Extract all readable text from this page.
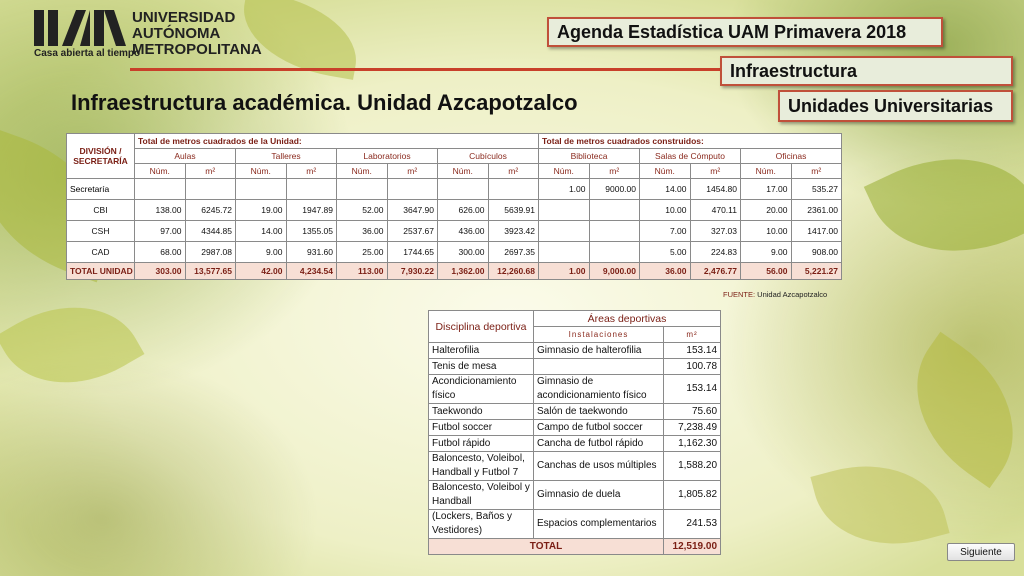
Casa abierta al tiempo
UNIVERSIDAD
AUTÓNOMA
METROPOLITANA
Agenda Estadística UAM Primavera 2018
Infraestructura
Unidades Universitarias
Infraestructura académica. Unidad Azcapotzalco
DIVISIÓN / SECRETARÍA	Total de metros cuadrados de la Unidad:								Total de metros cuadrados construidos:					
	Aulas		Talleres		Laboratorios		Cubículos		Biblioteca		Salas de Cómputo		Oficinas	
	Núm.	m²	Núm.	m²	Núm.	m²	Núm.	m²	Núm.	m²	Núm.	m²	Núm.	m²
Secretaría									1.00	9000.00	14.00	1454.80	17.00	535.27
CBI	138.00	6245.72	19.00	1947.89	52.00	3647.90	626.00	5639.91			10.00	470.11	20.00	2361.00
CSH	97.00	4344.85	14.00	1355.05	36.00	2537.67	436.00	3923.42			7.00	327.03	10.00	1417.00
CAD	68.00	2987.08	9.00	931.60	25.00	1744.65	300.00	2697.35			5.00	224.83	9.00	908.00
TOTAL UNIDAD	303.00	13,577.65	42.00	4,234.54	113.00	7,930.22	1,362.00	12,260.68	1.00	9,000.00	36.00	2,476.77	56.00	5,221.27
FUENTE: Unidad Azcapotzalco
Disciplina deportiva	Áreas deportivas	
	Instalaciones	m²
Halterofilia	Gimnasio de halterofilia	153.14
Tenis de mesa		100.78
Acondicionamiento físico	Gimnasio de acondicionamiento físico	153.14
Taekwondo	Salón de taekwondo	75.60
Futbol soccer	Campo de futbol soccer	7,238.49
Futbol rápido	Cancha de futbol rápido	1,162.30
Baloncesto, Voleibol, Handball y Futbol 7	Canchas de usos múltiples	1,588.20
Baloncesto, Voleibol y Handball	Gimnasio de duela	1,805.82
(Lockers, Baños y Vestidores)	Espacios complementarios	241.53
TOTAL		12,519.00
Siguiente
